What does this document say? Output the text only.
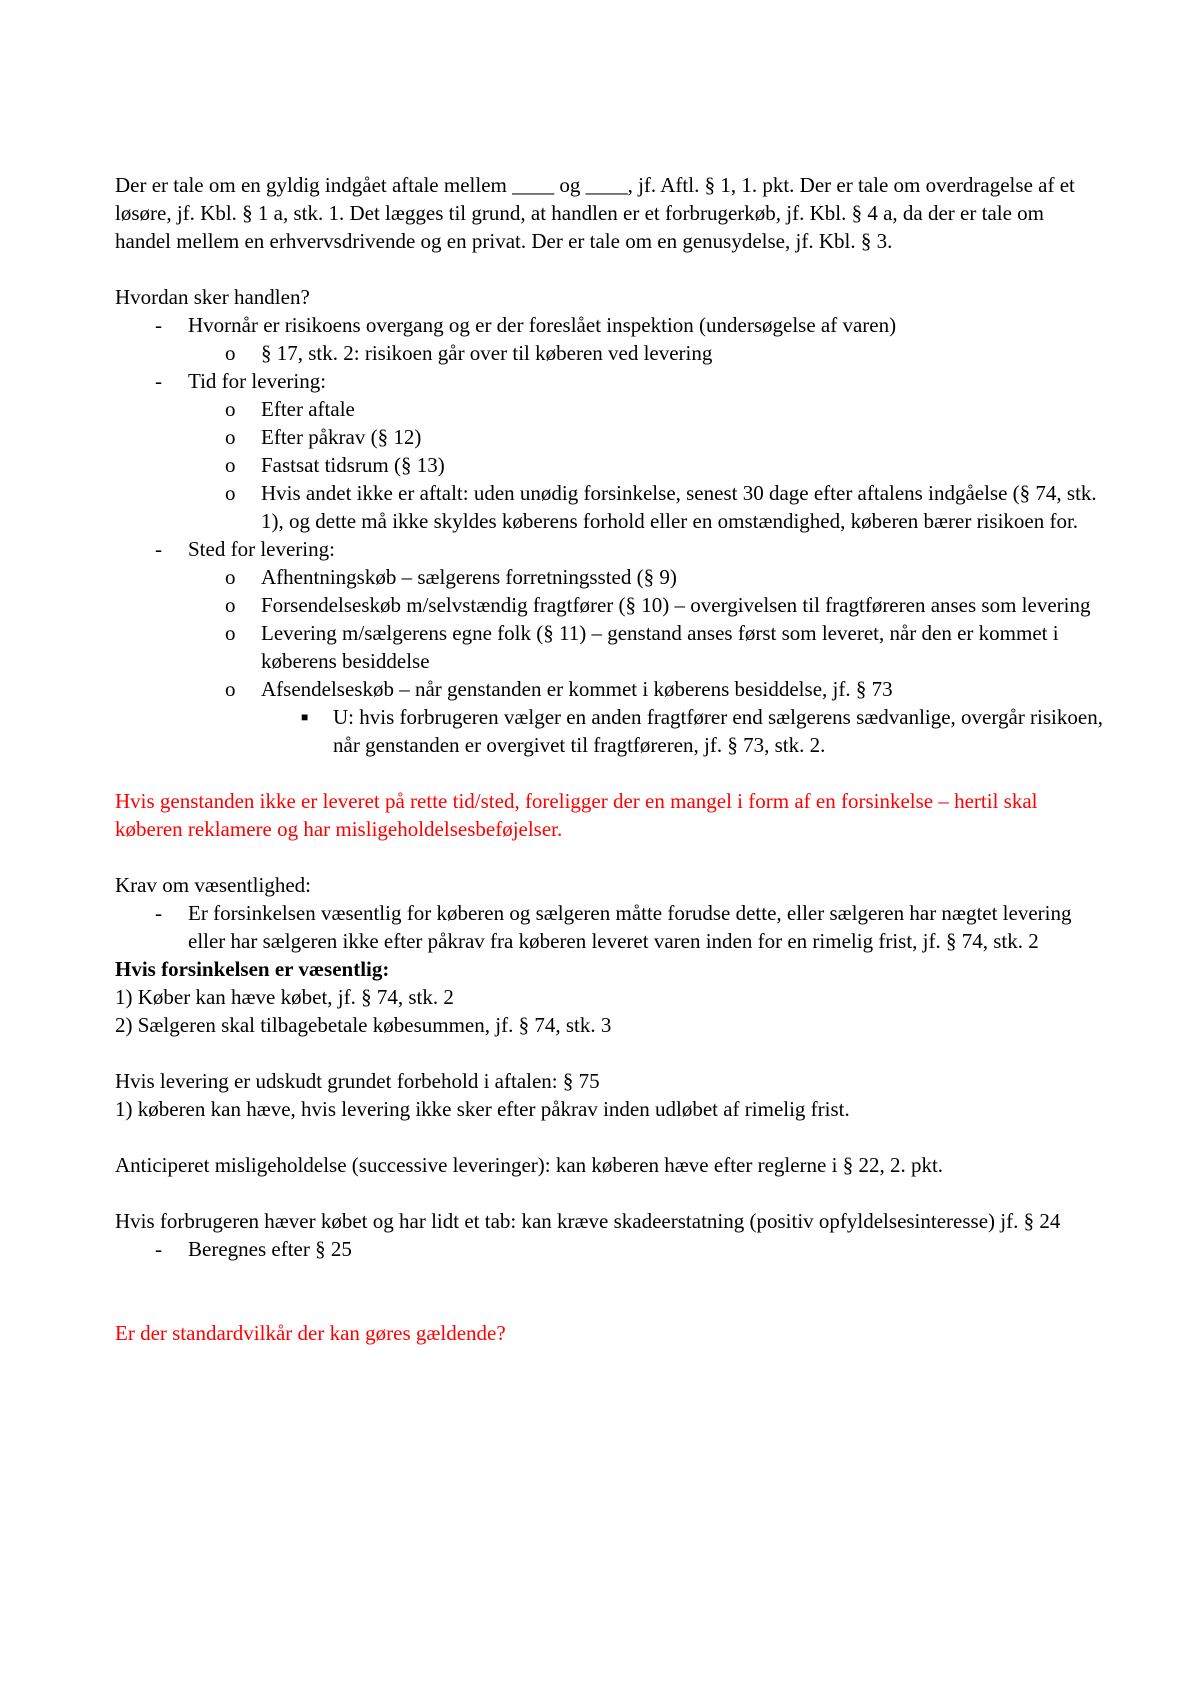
Der er tale om en gyldig indgået aftale mellem ____ og ____, jf. Aftl. § 1, 1. pkt. Der er tale om overdragelse af et løsøre, jf. Kbl. § 1 a, stk. 1. Det lægges til grund, at handlen er et forbrugerkøb, jf. Kbl. § 4 a, da der er tale om handel mellem en erhvervsdrivende og en privat. Der er tale om en genusydelse, jf. Kbl. § 3.

Hvordan sker handlen?

- Hvornår er risikoens overgang og er der foreslået inspektion (undersøgelse af varen)
o § 17, stk. 2: risikoen går over til køberen ved levering
- Tid for levering:
o Efter aftale
o Efter påkrav (§ 12)
o Fastsat tidsrum (§ 13)
o Hvis andet ikke er aftalt: uden unødig forsinkelse, senest 30 dage efter aftalens indgåelse (§ 74, stk. 1), og dette må ikke skyldes køberens forhold eller en omstændighed, køberen bærer risikoen for.
- Sted for levering:
o Afhentningskøb – sælgerens forretningssted (§ 9)
o Forsendelseskøb m/selvstændig fragtfører (§ 10) – overgivelsen til fragtføreren anses som levering
o Levering m/sælgerens egne folk (§ 11) – genstand anses først som leveret, når den er kommet i køberens besiddelse
o Afsendelseskøb – når genstanden er kommet i køberens besiddelse, jf. § 73
■ U: hvis forbrugeren vælger en anden fragtfører end sælgerens sædvanlige, overgår risikoen, når genstanden er overgivet til fragtføreren, jf. § 73, stk. 2.

Hvis genstanden ikke er leveret på rette tid/sted, foreligger der en mangel i form af en forsinkelse – hertil skal køberen reklamere og har misligeholdelsesbeføjelser.

Krav om væsentlighed:

- Er forsinkelsen væsentlig for køberen og sælgeren måtte forudse dette, eller sælgeren har nægtet levering eller har sælgeren ikke efter påkrav fra køberen leveret varen inden for en rimelig frist, jf. § 74, stk. 2

Hvis forsinkelsen er væsentlig:

1) Køber kan hæve købet, jf. § 74, stk. 2

2) Sælgeren skal tilbagebetale købesummen, jf. § 74, stk. 3

Hvis levering er udskudt grundet forbehold i aftalen: § 75

1) køberen kan hæve, hvis levering ikke sker efter påkrav inden udløbet af rimelig frist.

Anticiperet misligeholdelse (successive leveringer): kan køberen hæve efter reglerne i § 22, 2. pkt.

Hvis forbrugeren hæver købet og har lidt et tab: kan kræve skadeerstatning (positiv opfyldelsesinteresse) jf. § 24

- Beregnes efter § 25

Er der standardvilkår der kan gøres gældende?
